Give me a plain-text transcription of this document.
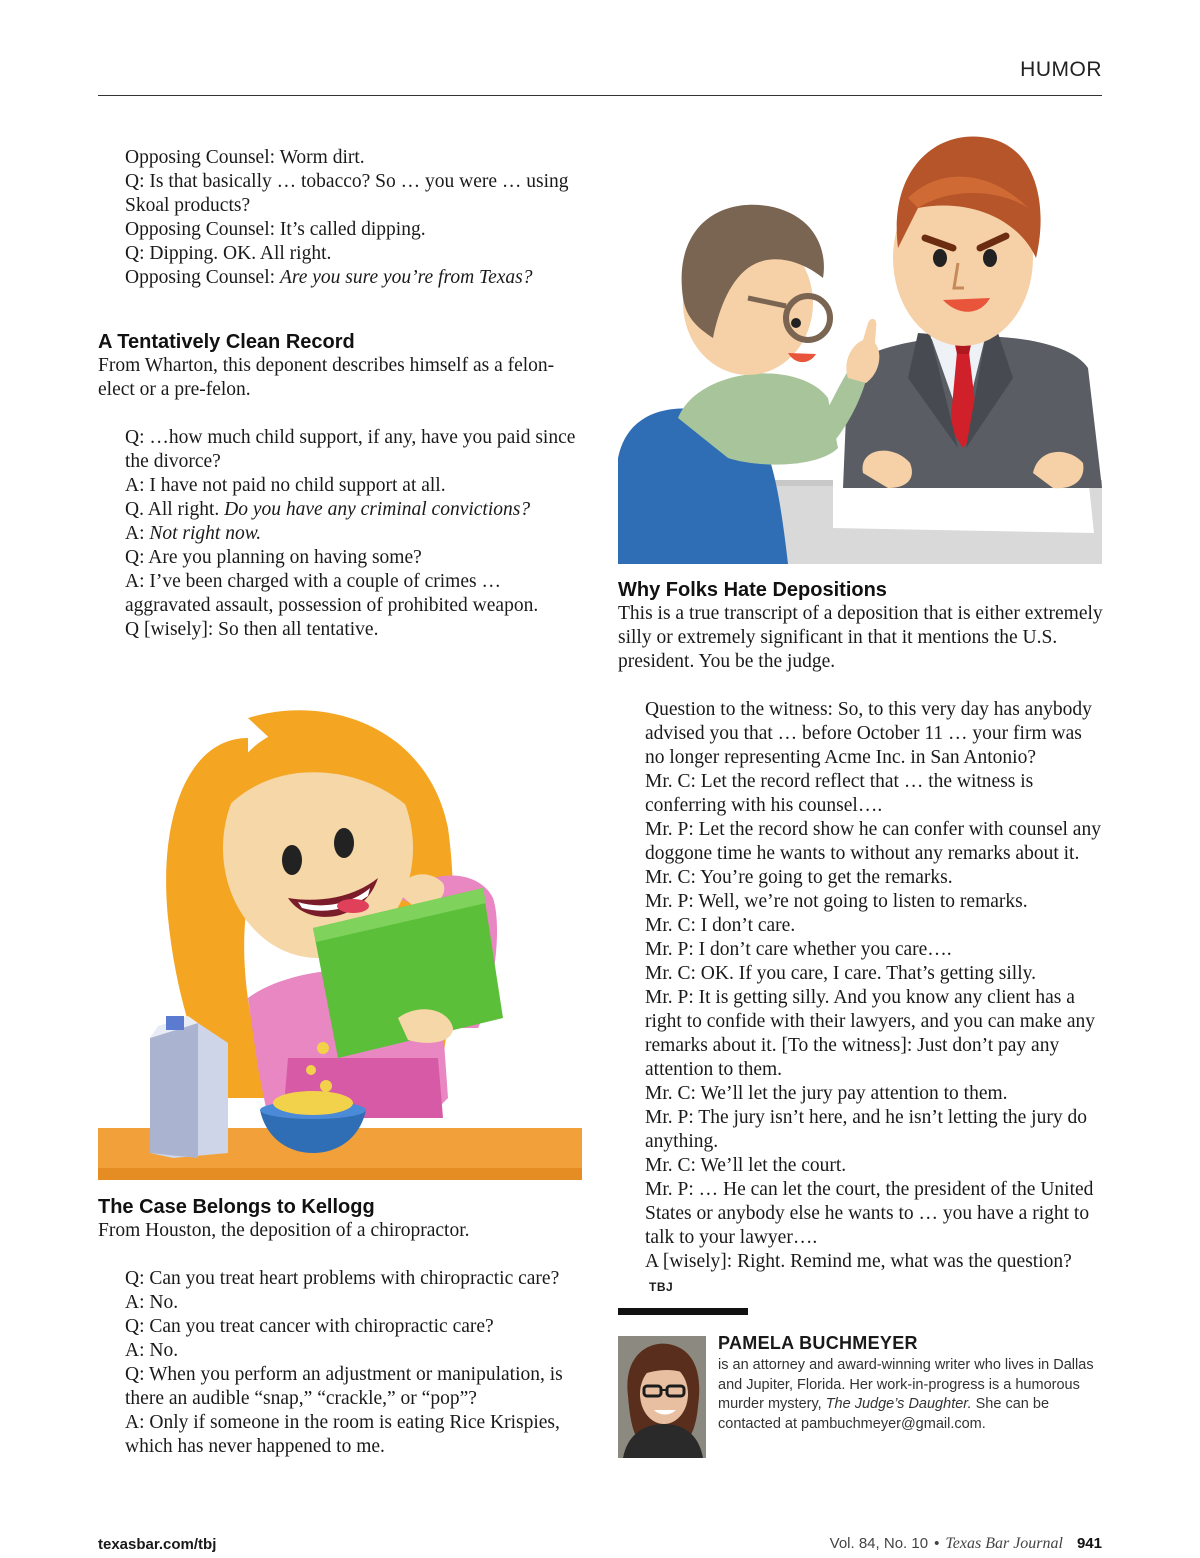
HUMOR
Opposing Counsel: Worm dirt.
Q: Is that basically … tobacco? So … you were … using Skoal products?
Opposing Counsel: It’s called dipping.
Q: Dipping. OK. All right.
Opposing Counsel: Are you sure you’re from Texas?
A Tentatively Clean Record

From Wharton, this deponent describes himself as a felon-elect or a pre-felon.

Q: …how much child support, if any, have you paid since the divorce?
A: I have not paid no child support at all.
Q. All right. Do you have any criminal convictions?
A: Not right now.
Q: Are you planning on having some?
A: I’ve been charged with a couple of crimes … aggravated assault, possession of prohibited weapon.
Q [wisely]: So then all tentative.
Why Folks Hate Depositions

This is a true transcript of a deposition that is either extremely silly or extremely significant in that it mentions the U.S. president. You be the judge.

Question to the witness: So, to this very day has anybody advised you that … before October 11 … your firm was no longer representing Acme Inc. in San Antonio?
Mr. C: Let the record reflect that … the witness is conferring with his counsel….
Mr. P: Let the record show he can confer with counsel any doggone time he wants to without any remarks about it.
Mr. C: You’re going to get the remarks.
Mr. P: Well, we’re not going to listen to remarks.
Mr. C: I don’t care.
Mr. P: I don’t care whether you care….
Mr. C: OK. If you care, I care. That’s getting silly.
Mr. P: It is getting silly. And you know any client has a right to confide with their lawyers, and you can make any remarks about it. [To the witness]: Just don’t pay any attention to them.
Mr. C: We’ll let the jury pay attention to them.
Mr. P: The jury isn’t here, and he isn’t letting the jury do anything.
Mr. C: We’ll let the court.
Mr. P: … He can let the court, the president of the United States or anybody else he wants to … you have a right to talk to your lawyer….
A [wisely]: Right. Remind me, what was the question? TBJ
The Case Belongs to Kellogg

From Houston, the deposition of a chiropractor.

Q: Can you treat heart problems with chiropractic care?
A: No.
Q: Can you treat cancer with chiropractic care?
A: No.
Q: When you perform an adjustment or manipulation, is there an audible “snap,” “crackle,” or “pop”?
A: Only if someone in the room is eating Rice Krispies, which has never happened to me.

PAMELA BUCHMEYER

is an attorney and award-winning writer who lives in Dallas and Jupiter, Florida. Her work-in-progress is a humorous murder mystery, The Judge’s Daughter. She can be contacted at pambuchmeyer@gmail.com.

texasbar.com/tbj	Vol. 84, No. 10 • Texas Bar Journal 941
